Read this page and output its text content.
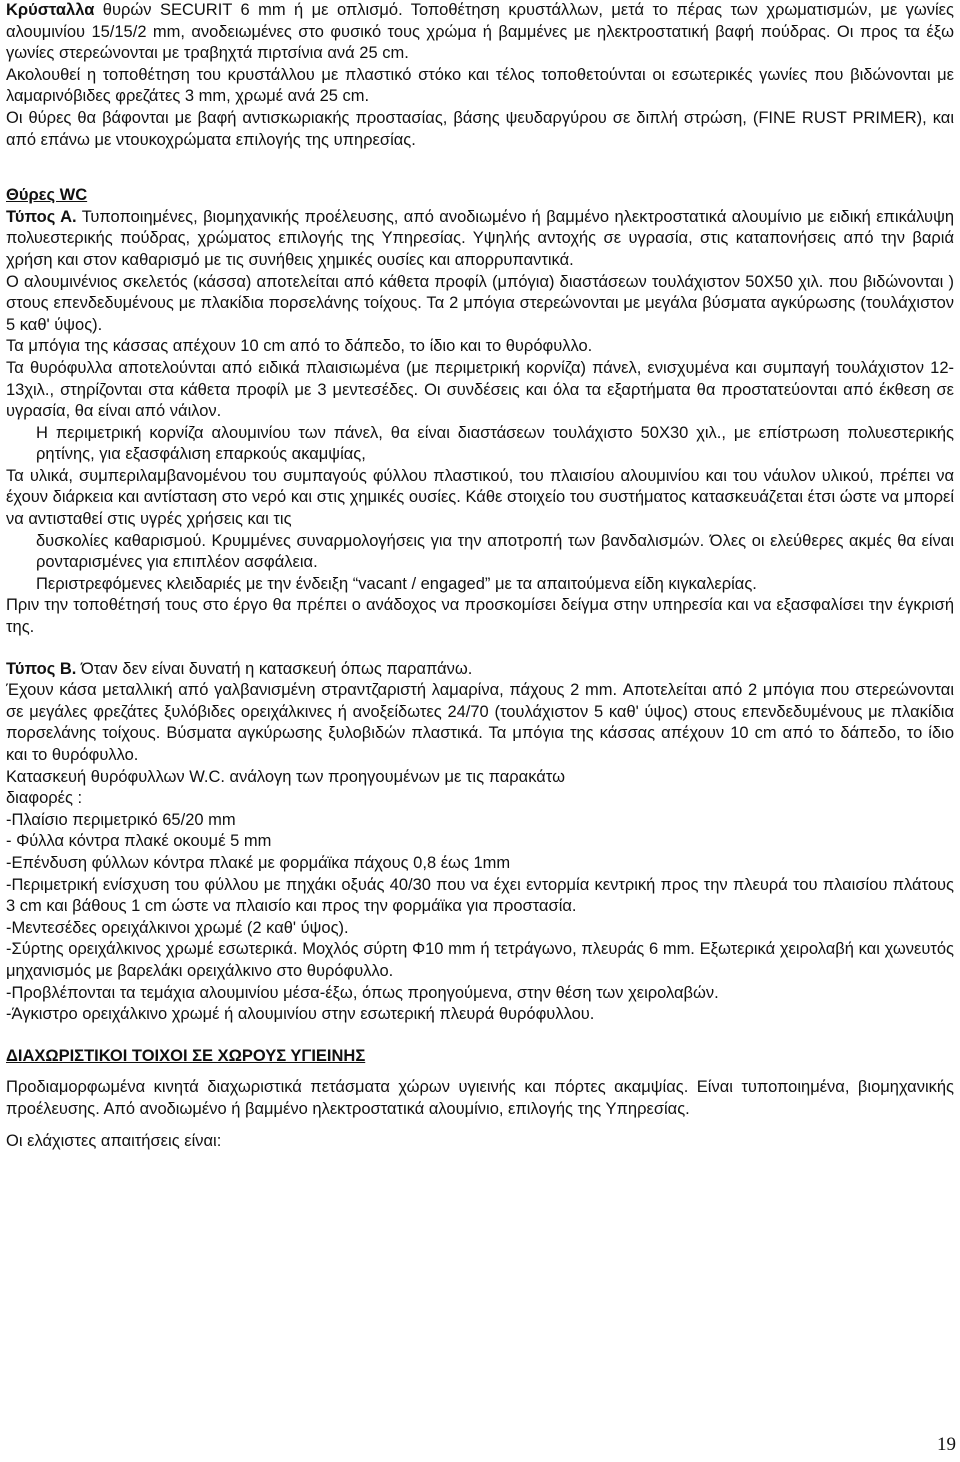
Κρύσταλλα θυρών SECURIT 6 mm ή με οπλισμό. Τοποθέτηση κρυστάλλων, μετά το πέρας των χρωματισμών, με γωνίες αλουμινίου 15/15/2 mm, ανοδειωμένες στο φυσικό τους χρώμα ή βαμμένες με ηλεκτροστατική βαφή πούδρας. Οι προς τα έξω γωνίες στερεώνονται με τραβηχτά πιρτσίνια ανά 25 cm.

Ακολουθεί η τοποθέτηση του κρυστάλλου με πλαστικό στόκο και τέλος τοποθετούνται οι εσωτερικές γωνίες που βιδώνονται με λαμαρινόβιδες φρεζάτες 3 mm, χρωμέ ανά 25 cm.

Οι θύρες θα βάφονται με βαφή αντισκωριακής προστασίας, βάσης ψευδαργύρου σε διπλή στρώση, (FINE RUST PRIMER), και από επάνω με ντουκοχρώματα επιλογής της υπηρεσίας.

Θύρες WC

Τύπος Α. Τυποποιημένες, βιομηχανικής προέλευσης, από ανοδιωμένο ή βαμμένο ηλεκτροστατικά αλουμίνιο με ειδική επικάλυψη πολυεστερικής πούδρας, χρώματος επιλογής της Υπηρεσίας. Υψηλής αντοχής σε υγρασία, στις καταπονήσεις από την βαριά χρήση και στον καθαρισμό με τις συνήθεις χημικές ουσίες και απορρυπαντικά.

Ο αλουμινένιος σκελετός (κάσσα) αποτελείται από κάθετα προφίλ (μπόγια) διαστάσεων τουλάχιστον 50Χ50 χιλ. που βιδώνονται ) στους επενδεδυμένους με πλακίδια πορσελάνης τοίχους. Τα 2 μπόγια στερεώνονται με μεγάλα βύσματα αγκύρωσης (τουλάχιστον 5 καθ' ύψος).

Τα μπόγια της κάσσας απέχουν 10 cm από το δάπεδο, το ίδιο και το θυρόφυλλο.

Τα θυρόφυλλα αποτελούνται από ειδικά πλαισιωμένα (με περιμετρική κορνίζα) πάνελ, ενισχυμένα και συμπαγή τουλάχιστον 12-13χιλ., στηρίζονται στα κάθετα προφίλ με 3 μεντεσέδες. Οι συνδέσεις και όλα τα εξαρτήματα θα προστατεύονται από έκθεση σε υγρασία, θα είναι από νάιλον.

Η περιμετρική κορνίζα αλουμινίου των πάνελ, θα είναι διαστάσεων τουλάχιστο 50Χ30 χιλ., με επίστρωση πολυεστερικής ρητίνης, για εξασφάλιση επαρκούς ακαμψίας,

Τα υλικά, συμπεριλαμβανομένου του συμπαγούς φύλλου πλαστικού, του πλαισίου αλουμινίου και του νάυλον υλικού, πρέπει να έχουν διάρκεια και αντίσταση στο νερό και στις χημικές ουσίες. Κάθε στοιχείο του συστήματος κατασκευάζεται έτσι ώστε να μπορεί να αντισταθεί στις υγρές χρήσεις και τις

δυσκολίες καθαρισμού. Κρυμμένες συναρμολογήσεις για την αποτροπή των βανδαλισμών. Όλες οι ελεύθερες ακμές θα είναι ρονταρισμένες για επιπλέον ασφάλεια.

Περιστρεφόμενες κλειδαριές με την ένδειξη “vacant / engaged” με τα απαιτούμενα είδη κιγκαλερίας.

Πριν την τοποθέτησή τους στο έργο θα πρέπει ο ανάδοχος να προσκομίσει δείγμα στην υπηρεσία και να εξασφαλίσει την έγκρισή της.

Τύπος Β. Όταν δεν είναι δυνατή η κατασκευή όπως παραπάνω.

Έχουν κάσα μεταλλική από γαλβανισμένη στραντζαριστή λαμαρίνα, πάχους 2 mm. Αποτελείται από 2 μπόγια που στερεώνονται σε μεγάλες φρεζάτες ξυλόβιδες ορειχάλκινες ή ανοξείδωτες 24/70 (τουλάχιστον 5 καθ' ύψος) στους επενδεδυμένους με πλακίδια πορσελάνης τοίχους. Βύσματα αγκύρωσης ξυλοβιδών πλαστικά. Τα μπόγια της κάσσας απέχουν 10 cm από το δάπεδο, το ίδιο και το θυρόφυλλο.

Κατασκευή θυρόφυλλων W.C. ανάλογη των προηγουμένων με τις παρακάτω

διαφορές :

-Πλαίσιο περιμετρικό 65/20 mm

- Φύλλα κόντρα πλακέ οκουμέ 5 mm

-Επένδυση φύλλων κόντρα πλακέ με φορμάϊκα πάχους 0,8 έως 1mm

-Περιμετρική ενίσχυση του φύλλου με πηχάκι οξυάς 40/30 που να έχει εντορμία κεντρική προς την πλευρά του πλαισίου πλάτους 3 cm και βάθους 1 cm ώστε να πλαισίο και προς την φορμάϊκα για προστασία.

-Μεντεσέδες ορειχάλκινοι χρωμέ (2 καθ' ύψος).

-Σύρτης ορειχάλκινος χρωμέ εσωτερικά. Μοχλός σύρτη Φ10 mm ή τετράγωνο, πλευράς 6 mm. Εξωτερικά χειρολαβή και χωνευτός μηχανισμός με βαρελάκι ορειχάλκινο στο θυρόφυλλο.

-Προβλέπονται τα τεμάχια αλουμινίου μέσα-έξω, όπως προηγούμενα, στην θέση των χειρολαβών.

-Άγκιστρο ορειχάλκινο χρωμέ ή αλουμινίου στην εσωτερική πλευρά θυρόφυλλου.

ΔΙΑΧΩΡΙΣΤΙΚΟΙ ΤΟΙΧΟΙ ΣΕ ΧΩΡΟΥΣ ΥΓΙΕΙΝΗΣ

Προδιαμορφωμένα κινητά διαχωριστικά πετάσματα χώρων υγιεινής και πόρτες ακαμψίας. Είναι τυποποιημένα, βιομηχανικής προέλευσης. Από ανοδιωμένο ή βαμμένο ηλεκτροστατικά αλουμίνιο, επιλογής της Υπηρεσίας.

Οι ελάχιστες απαιτήσεις είναι:

19
